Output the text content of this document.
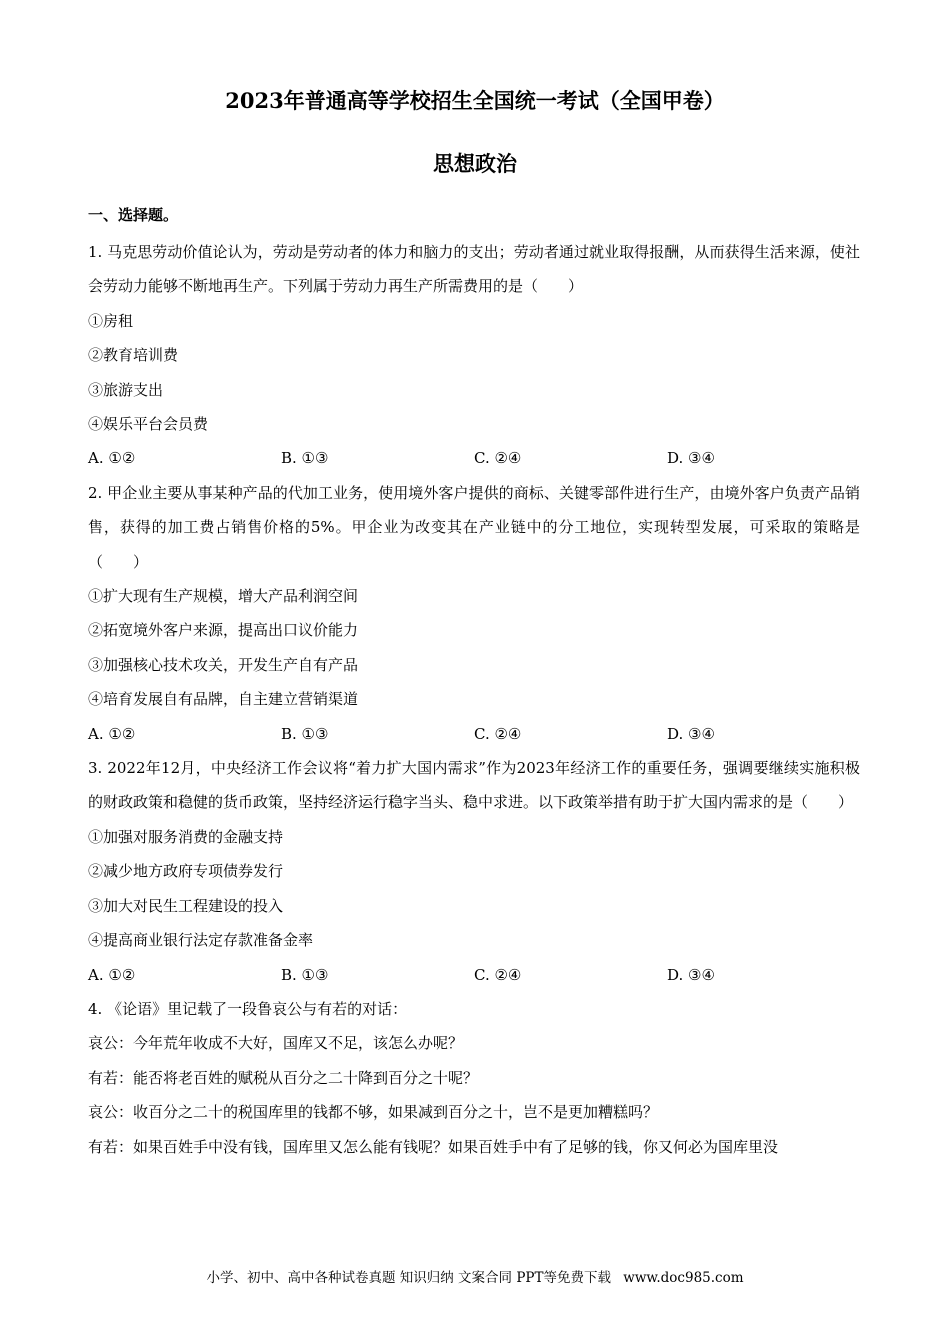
2023年普通高等学校招生全国统一考试（全国甲卷）
思想政治
一、选择题。

1. 马克思劳动价值论认为，劳动是劳动者的体力和脑力的支出；劳动者通过就业取得报酬，从而获得生活来源，使社会劳动力能够不断地再生产。下列属于劳动力再生产所需费用的是（　　）

①房租

②教育培训费

③旅游支出

④娱乐平台会员费

A. ①②	B. ①③	C. ②④	D. ③④

2. 甲企业主要从事某种产品的代加工业务，使用境外客户提供的商标、关键零部件进行生产，由境外客户负责产品销售，获得的加工费占销售价格的5%。甲企业为改变其在产业链中的分工地位，实现转型发展，可采取的策略是（　　）

①扩大现有生产规模，增大产品利润空间

②拓宽境外客户来源，提高出口议价能力

③加强核心技术攻关，开发生产自有产品

④培育发展自有品牌，自主建立营销渠道

A. ①②	B. ①③	C. ②④	D. ③④

3. 2022年12月，中央经济工作会议将“着力扩大国内需求”作为2023年经济工作的重要任务，强调要继续实施积极的财政政策和稳健的货币政策，坚持经济运行稳字当头、稳中求进。以下政策举措有助于扩大国内需求的是（　　）

①加强对服务消费的金融支持

②减少地方政府专项债券发行

③加大对民生工程建设的投入

④提高商业银行法定存款准备金率

A. ①②	B. ①③	C. ②④	D. ③④

4. 《论语》里记载了一段鲁哀公与有若的对话：

哀公：今年荒年收成不大好，国库又不足，该怎么办呢？

有若：能否将老百姓的赋税从百分之二十降到百分之十呢？

哀公：收百分之二十的税国库里的钱都不够，如果减到百分之十，岂不是更加糟糕吗？

有若：如果百姓手中没有钱，国库里又怎么能有钱呢？如果百姓手中有了足够的钱，你又何必为国库里没

小学、初中、高中各种试卷真题 知识归纳 文案合同 PPT等免费下载 www.doc985.com
